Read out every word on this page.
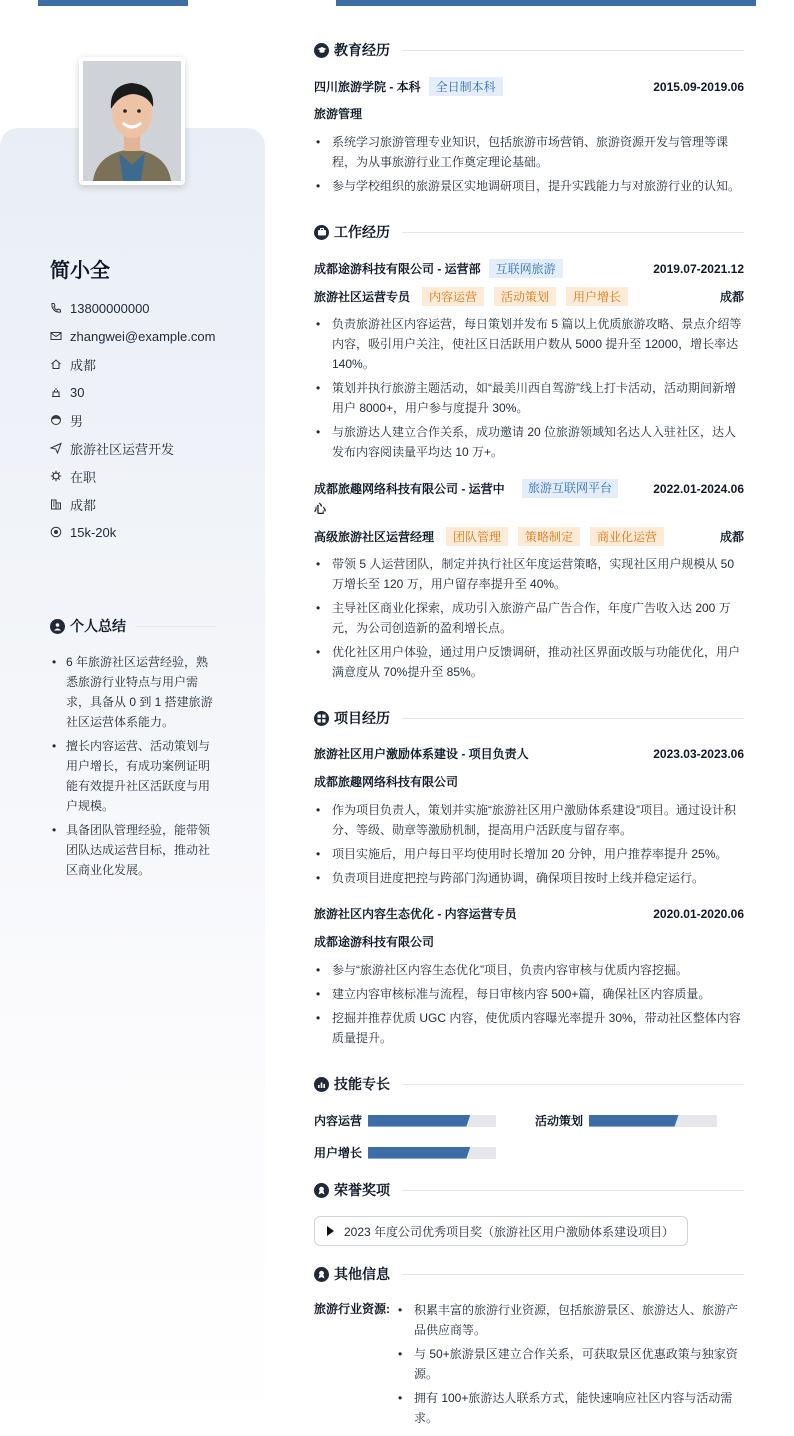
简小全
13800000000
zhangwei@example.com
成都
30
男
旅游社区运营开发
在职
成都
15k-20k
个人总结
• 6 年旅游社区运营经验，熟悉旅游行业特点与用户需求，具备从 0 到 1 搭建旅游社区运营体系能力。
• 擅长内容运营、活动策划与用户增长，有成功案例证明能有效提升社区活跃度与用户规模。
• 具备团队管理经验，能带领团队达成运营目标，推动社区商业化发展。
教育经历
四川旅游学院 - 本科	全日制本科	2015.09-2019.06
旅游管理
• 系统学习旅游管理专业知识，包括旅游市场营销、旅游资源开发与管理等课程，为从事旅游行业工作奠定理论基础。
• 参与学校组织的旅游景区实地调研项目，提升实践能力与对旅游行业的认知。
工作经历
成都途游科技有限公司 - 运营部	互联网旅游	2019.07-2021.12
旅游社区运营专员	内容运营	活动策划	用户增长	成都
• 负责旅游社区内容运营，每日策划并发布 5 篇以上优质旅游攻略、景点介绍等内容，吸引用户关注，使社区日活跃用户数从 5000 提升至 12000，增长率达 140%。
• 策划并执行旅游主题活动，如“最美川西自驾游”线上打卡活动，活动期间新增用户 8000+，用户参与度提升 30%。
• 与旅游达人建立合作关系，成功邀请 20 位旅游领域知名达人入驻社区，达人发布内容阅读量平均达 10 万+。
成都旅趣网络科技有限公司 - 运营中心
旅游互联网平台	2022.01-2024.06
高级旅游社区运营经理	团队管理	策略制定	商业化运营	成都
• 带领 5 人运营团队，制定并执行社区年度运营策略，实现社区用户规模从 50 万增长至 120 万，用户留存率提升至 40%。
• 主导社区商业化探索，成功引入旅游产品广告合作，年度广告收入达 200 万元，为公司创造新的盈利增长点。
• 优化社区用户体验，通过用户反馈调研，推动社区界面改版与功能优化，用户满意度从 70%提升至 85%。
项目经历
旅游社区用户激励体系建设 - 项目负责人	2023.03-2023.06
成都旅趣网络科技有限公司
• 作为项目负责人，策划并实施“旅游社区用户激励体系建设”项目。通过设计积分、等级、勋章等激励机制，提高用户活跃度与留存率。
• 项目实施后，用户每日平均使用时长增加 20 分钟，用户推荐率提升 25%。
• 负责项目进度把控与跨部门沟通协调，确保项目按时上线并稳定运行。
旅游社区内容生态优化 - 内容运营专员	2020.01-2020.06
成都途游科技有限公司
• 参与“旅游社区内容生态优化”项目，负责内容审核与优质内容挖掘。
• 建立内容审核标准与流程，每日审核内容 500+篇，确保社区内容质量。
• 挖掘并推荐优质 UGC 内容，使优质内容曝光率提升 30%，带动社区整体内容质量提升。
技能专长
内容运营	活动策划
用户增长
荣誉奖项
2023 年度公司优秀项目奖（旅游社区用户激励体系建设项目）
其他信息
旅游行业资源:
•	积累丰富的旅游行业资源，包括旅游景区、旅游达人、旅游产品供应商等。
• 与 50+旅游景区建立合作关系，可获取景区优惠政策与独家资源。
• 拥有 100+旅游达人联系方式，能快速响应社区内容与活动需求。
